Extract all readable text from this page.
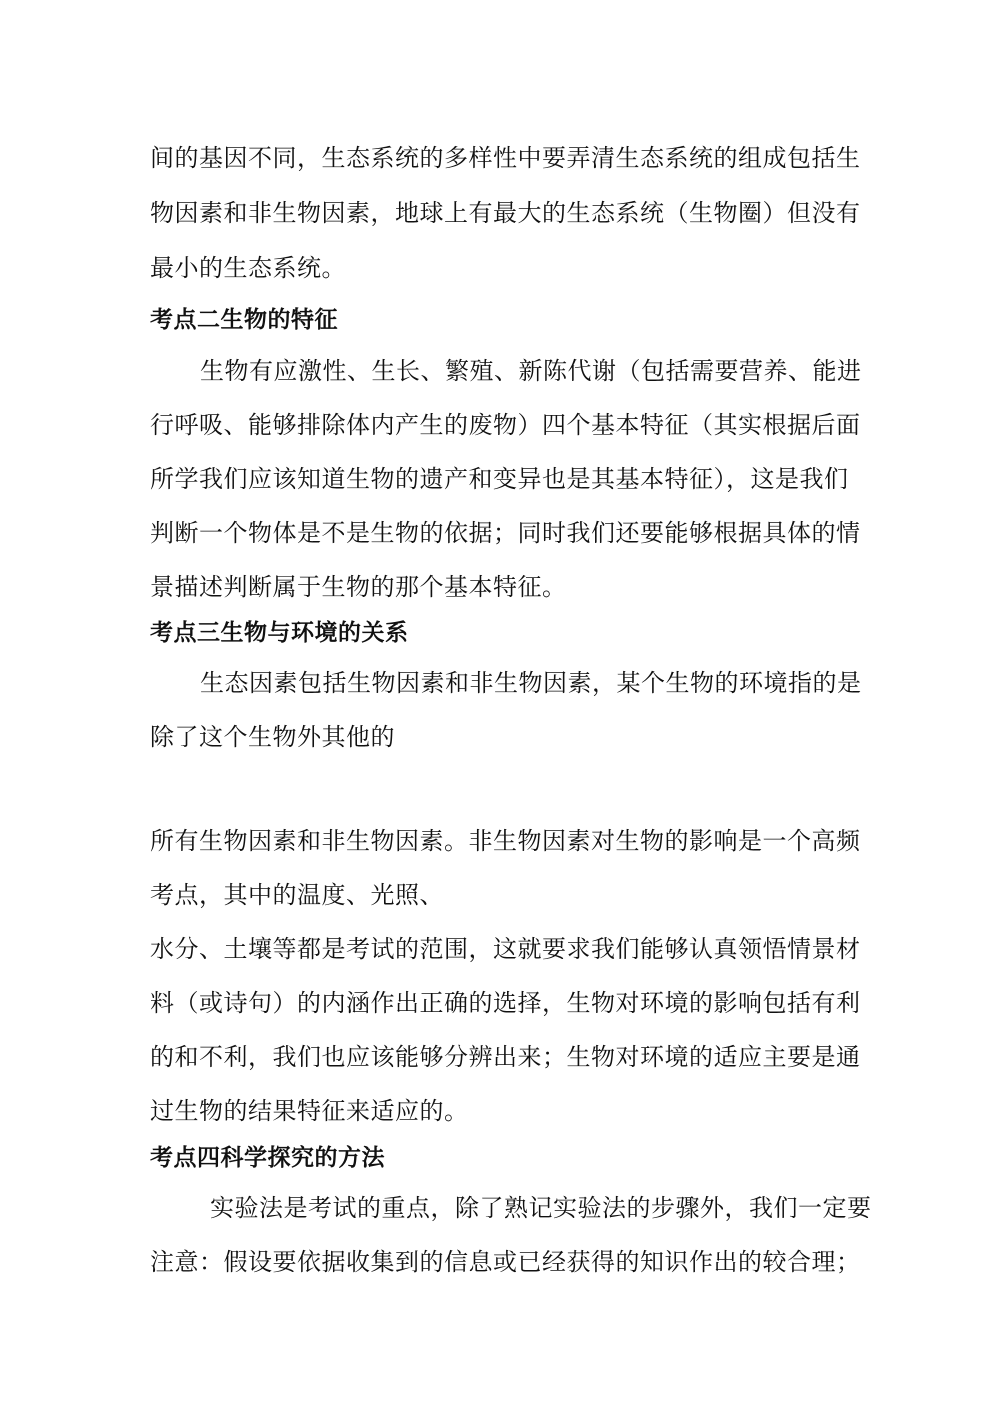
间的基因不同，生态系统的多样性中要弄清生态系统的组成包括生
物因素和非生物因素，地球上有最大的生态系统（生物圈）但没有
最小的生态系统。
考点二生物的特征
生物有应激性、生长、繁殖、新陈代谢（包括需要营养、能进
行呼吸、能够排除体内产生的废物）四个基本特征（其实根据后面
所学我们应该知道生物的遗产和变异也是其基本特征），这是我们
判断一个物体是不是生物的依据；同时我们还要能够根据具体的情
景描述判断属于生物的那个基本特征。
考点三生物与环境的关系
生态因素包括生物因素和非生物因素，某个生物的环境指的是
除了这个生物外其他的
所有生物因素和非生物因素。非生物因素对生物的影响是一个高频
考点，其中的温度、光照、
水分、土壤等都是考试的范围，这就要求我们能够认真领悟情景材
料（或诗句）的内涵作出正确的选择，生物对环境的影响包括有利
的和不利，我们也应该能够分辨出来；生物对环境的适应主要是通
过生物的结果特征来适应的。
考点四科学探究的方法
实验法是考试的重点，除了熟记实验法的步骤外，我们一定要
注意：假设要依据收集到的信息或已经获得的知识作出的较合理；
